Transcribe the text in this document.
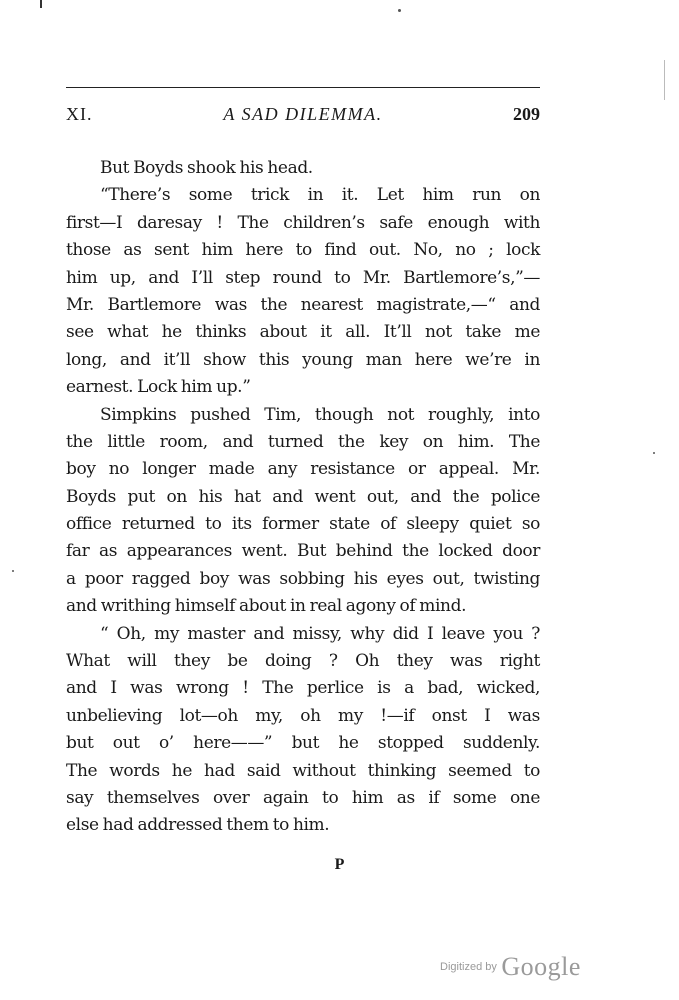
XI.	A SAD DILEMMA.	209
But Boyds shook his head.
“There’s some trick in it. Let him run on
first—I daresay ! The children’s safe enough with
those as sent him here to find out. No, no ; lock
him up, and I’ll step round to Mr. Bartlemore’s,”—
Mr. Bartlemore was the nearest magistrate,—“ and
see what he thinks about it all. It’ll not take me
long, and it’ll show this young man here we’re in
earnest. Lock him up.”
Simpkins pushed Tim, though not roughly, into
the little room, and turned the key on him. The
boy no longer made any resistance or appeal. Mr.
Boyds put on his hat and went out, and the police
office returned to its former state of sleepy quiet so
far as appearances went. But behind the locked door
a poor ragged boy was sobbing his eyes out, twisting
and writhing himself about in real agony of mind.
“ Oh, my master and missy, why did I leave you ?
What will they be doing ? Oh they was right
and I was wrong ! The perlice is a bad, wicked,
unbelieving lot—oh my, oh my !—if onst I was
but out o’ here——” but he stopped suddenly.
The words he had said without thinking seemed to
say themselves over again to him as if some one
else had addressed them to him.
P
Digitized by Google
